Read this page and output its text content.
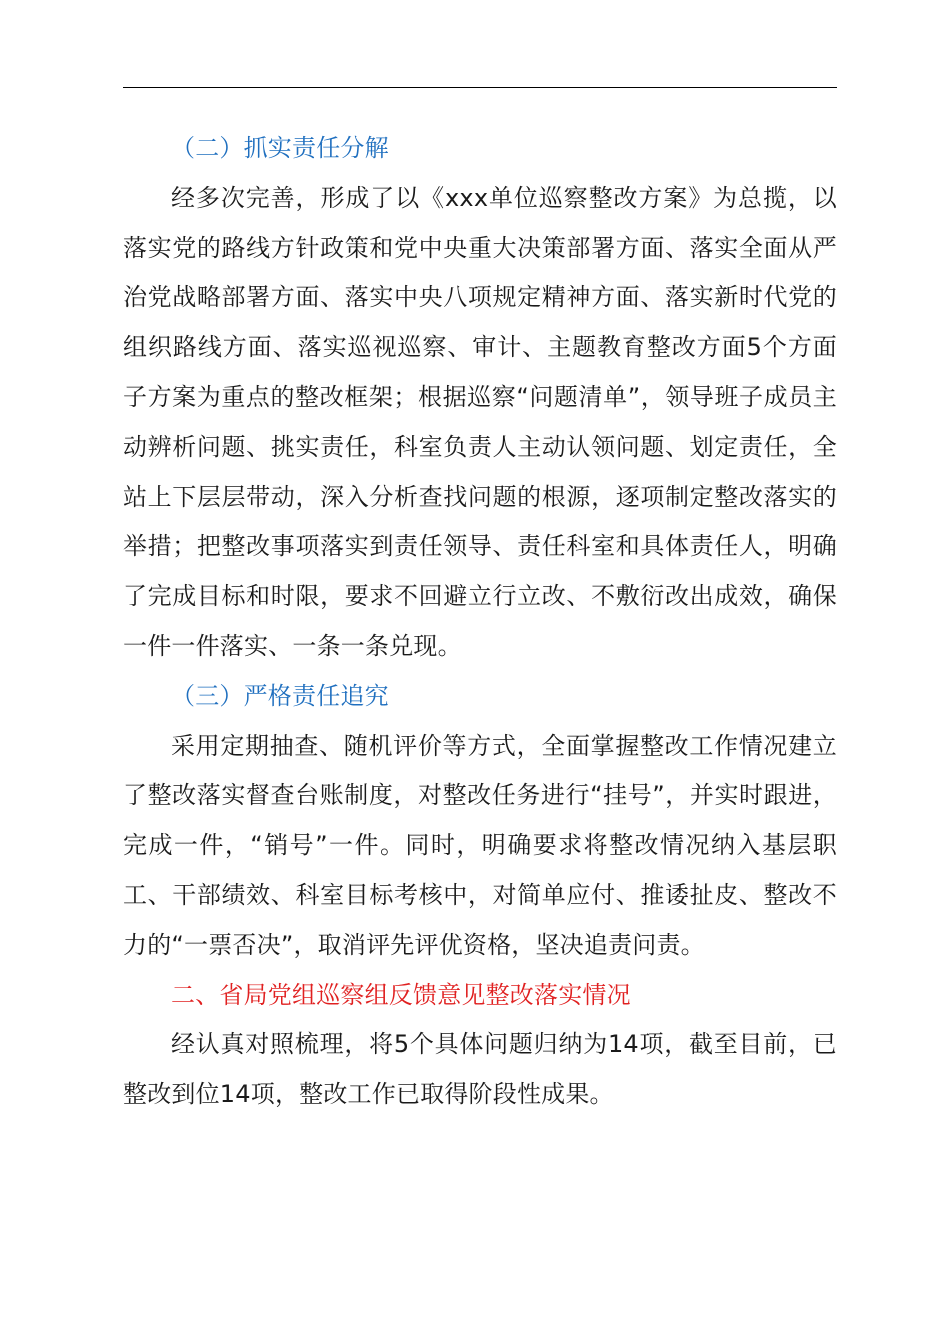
（二）抓实责任分解

经多次完善，形成了以《xxx单位巡察整改方案》为总揽，以落实党的路线方针政策和党中央重大决策部署方面、落实全面从严治党战略部署方面、落实中央八项规定精神方面、落实新时代党的组织路线方面、落实巡视巡察、审计、主题教育整改方面5个方面子方案为重点的整改框架；根据巡察“问题清单”，领导班子成员主动辨析问题、挑实责任，科室负责人主动认领问题、划定责任，全站上下层层带动，深入分析查找问题的根源，逐项制定整改落实的举措；把整改事项落实到责任领导、责任科室和具体责任人，明确了完成目标和时限，要求不回避立行立改、不敷衍改出成效，确保一件一件落实、一条一条兑现。

（三）严格责任追究

采用定期抽查、随机评价等方式，全面掌握整改工作情况建立了整改落实督查台账制度，对整改任务进行“挂号”，并实时跟进，完成一件，“销号”一件。同时，明确要求将整改情况纳入基层职工、干部绩效、科室目标考核中，对简单应付、推诿扯皮、整改不力的“一票否决”，取消评先评优资格，坚决追责问责。

二、省局党组巡察组反馈意见整改落实情况

经认真对照梳理，将5个具体问题归纳为14项，截至目前，已整改到位14项，整改工作已取得阶段性成果。
